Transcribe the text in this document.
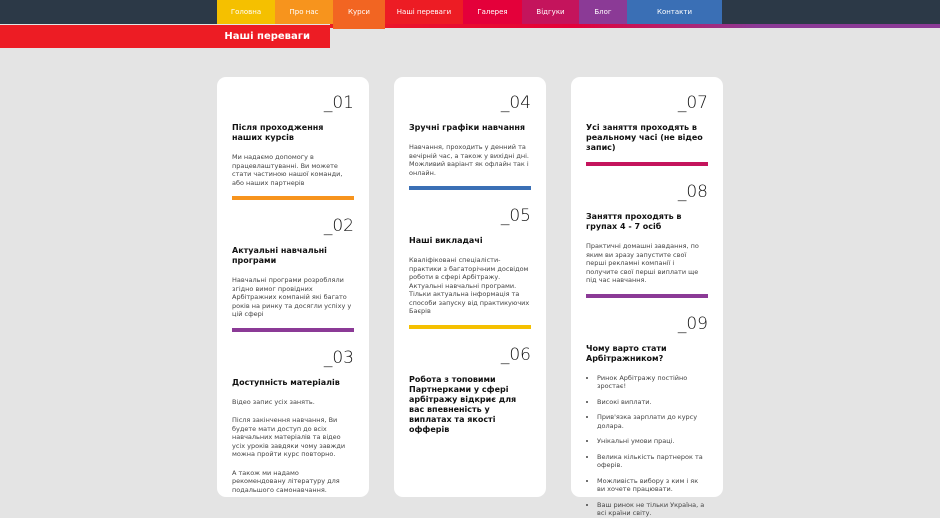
Головна	Про нас	Курси	Наші переваги	Галерея	Відгуки	Блог	Контакти
Наші переваги
_01
Після проходження наших курсів

Ми надаємо допомогу в працевлаштуванні. Ви можете стати частиною нашої команди, або наших партнерів

_02
Актуальні навчальні програми

Навчальні програми розробляли згідно вимог провідних Арбітражних компаній які багато років на ринку та досягли успіху у цій сфері

_03
Доступність матеріалів

Відео запис усіх занять.

Після закінчення навчання, Ви будете мати доступ до всіх навчальних матеріалів та відео усіх уроків завдяки чому завжди можна пройти курс повторно.

А також ми надамо рекомендовану літературу для подальшого самонавчання.

_04
Зручні графіки навчання

Навчання, проходить у денний та вечірній час, а також у вихідні дні. Можливий варіант як офлайн так і онлайн.

_05
Наші викладачі

Кваліфіковані спеціалісти-практики з багаторічним досвідом роботи в сфері Арбітражу. Актуальні навчальні програми. Тільки актуальна інформація та способи запуску від практикуючих Баєрів

_06
Робота з топовими Партнерками у сфері арбітражу відкриє для вас впевненість у виплатах та якості офферів
_07
Усі заняття проходять в реальному часі (не відео запис)
_08
Заняття проходять в групах 4 - 7 осіб

Практичні домашні завдання, по яким ви зразу запустите свої перші рекламні компанії і получите свої перші виплати ще під час навчання.

_09
Чому варто стати Арбітражником?
• Ринок Арбітражу постійно зростає!
• Високі виплати.
• Прив'язка зарплати до курсу долара.
• Унікальні умови праці.
• Велика кількість партнерок та оферів.
• Можливість вибору з ким і як ви хочете працювати.
• Ваш ринок не тільки Україна, а всі країни світу.
